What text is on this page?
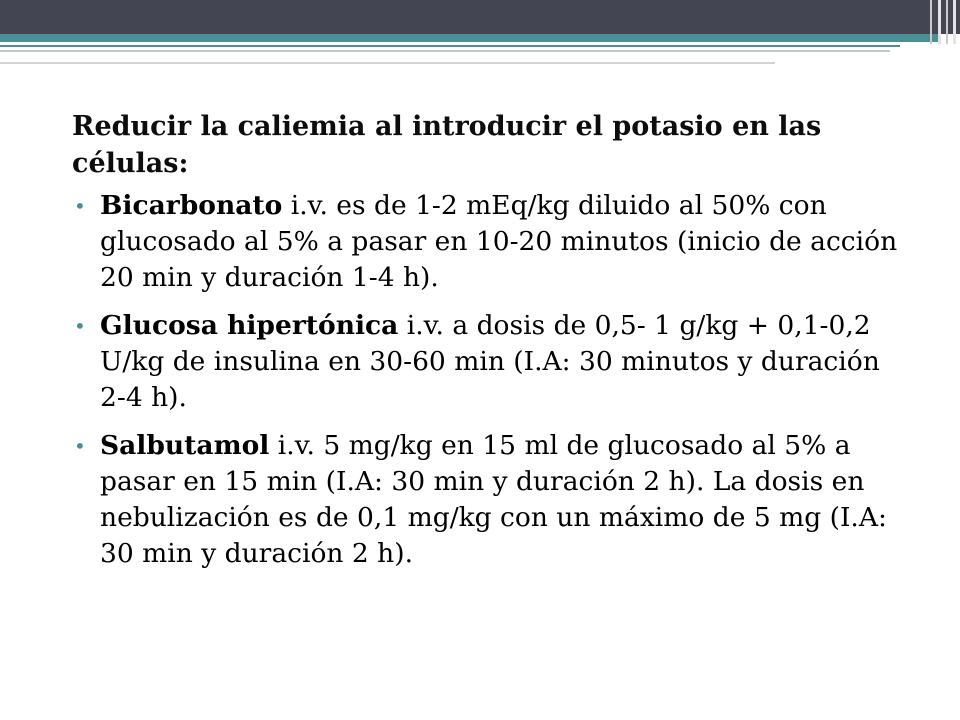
Reducir la caliemia al introducir el potasio en las células:

• Bicarbonato i.v. es de 1-2 mEq/kg diluido al 50% con glucosado al 5% a pasar en 10-20 minutos (inicio de acción 20 min y duración 1-4 h).
• Glucosa hipertónica i.v. a dosis de 0,5- 1 g/kg + 0,1-0,2 U/kg de insulina en 30-60 min (I.A: 30 minutos y duración 2-4 h).
• Salbutamol i.v. 5 mg/kg en 15 ml de glucosado al 5% a pasar en 15 min (I.A: 30 min y duración 2 h). La dosis en nebulización es de 0,1 mg/kg con un máximo de 5 mg (I.A: 30 min y duración 2 h).
